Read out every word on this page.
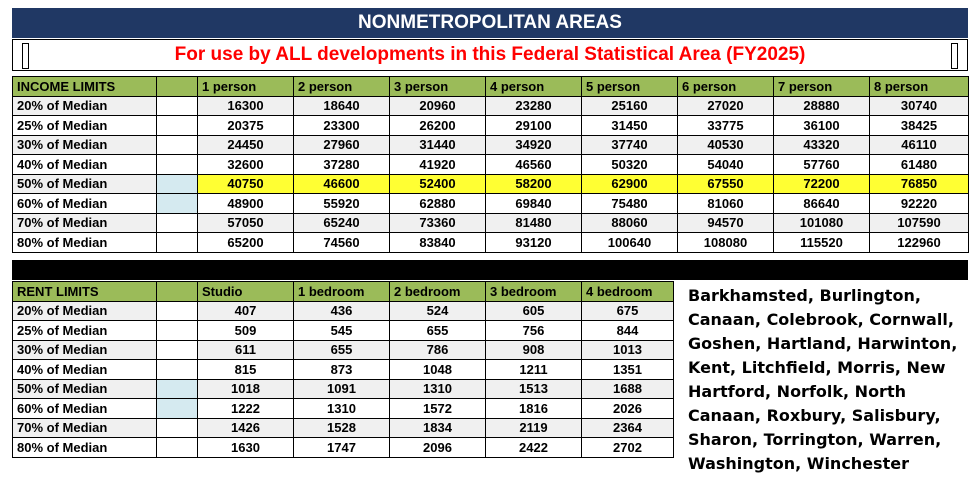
NONMETROPOLITAN AREAS
For use by ALL developments in this Federal Statistical Area (FY2025)
INCOME LIMITS		1 person	2 person	3 person	4 person	5 person	6 person	7 person	8 person
20% of Median		16300	18640	20960	23280	25160	27020	28880	30740
25% of Median		20375	23300	26200	29100	31450	33775	36100	38425
30% of Median		24450	27960	31440	34920	37740	40530	43320	46110
40% of Median		32600	37280	41920	46560	50320	54040	57760	61480
50% of Median		40750	46600	52400	58200	62900	67550	72200	76850
60% of Median		48900	55920	62880	69840	75480	81060	86640	92220
70% of Median		57050	65240	73360	81480	88060	94570	101080	107590
80% of Median		65200	74560	83840	93120	100640	108080	115520	122960
RENT LIMITS		Studio	1 bedroom	2 bedroom	3 bedroom	4 bedroom
20% of Median		407	436	524	605	675
25% of Median		509	545	655	756	844
30% of Median		611	655	786	908	1013
40% of Median		815	873	1048	1211	1351
50% of Median		1018	1091	1310	1513	1688
60% of Median		1222	1310	1572	1816	2026
70% of Median		1426	1528	1834	2119	2364
80% of Median		1630	1747	2096	2422	2702
Barkhamsted, Burlington, Canaan, Colebrook, Cornwall, Goshen, Hartland, Harwinton, Kent, Litchfield, Morris, New Hartford, Norfolk, North Canaan, Roxbury, Salisbury, Sharon, Torrington, Warren, Washington, Winchester
